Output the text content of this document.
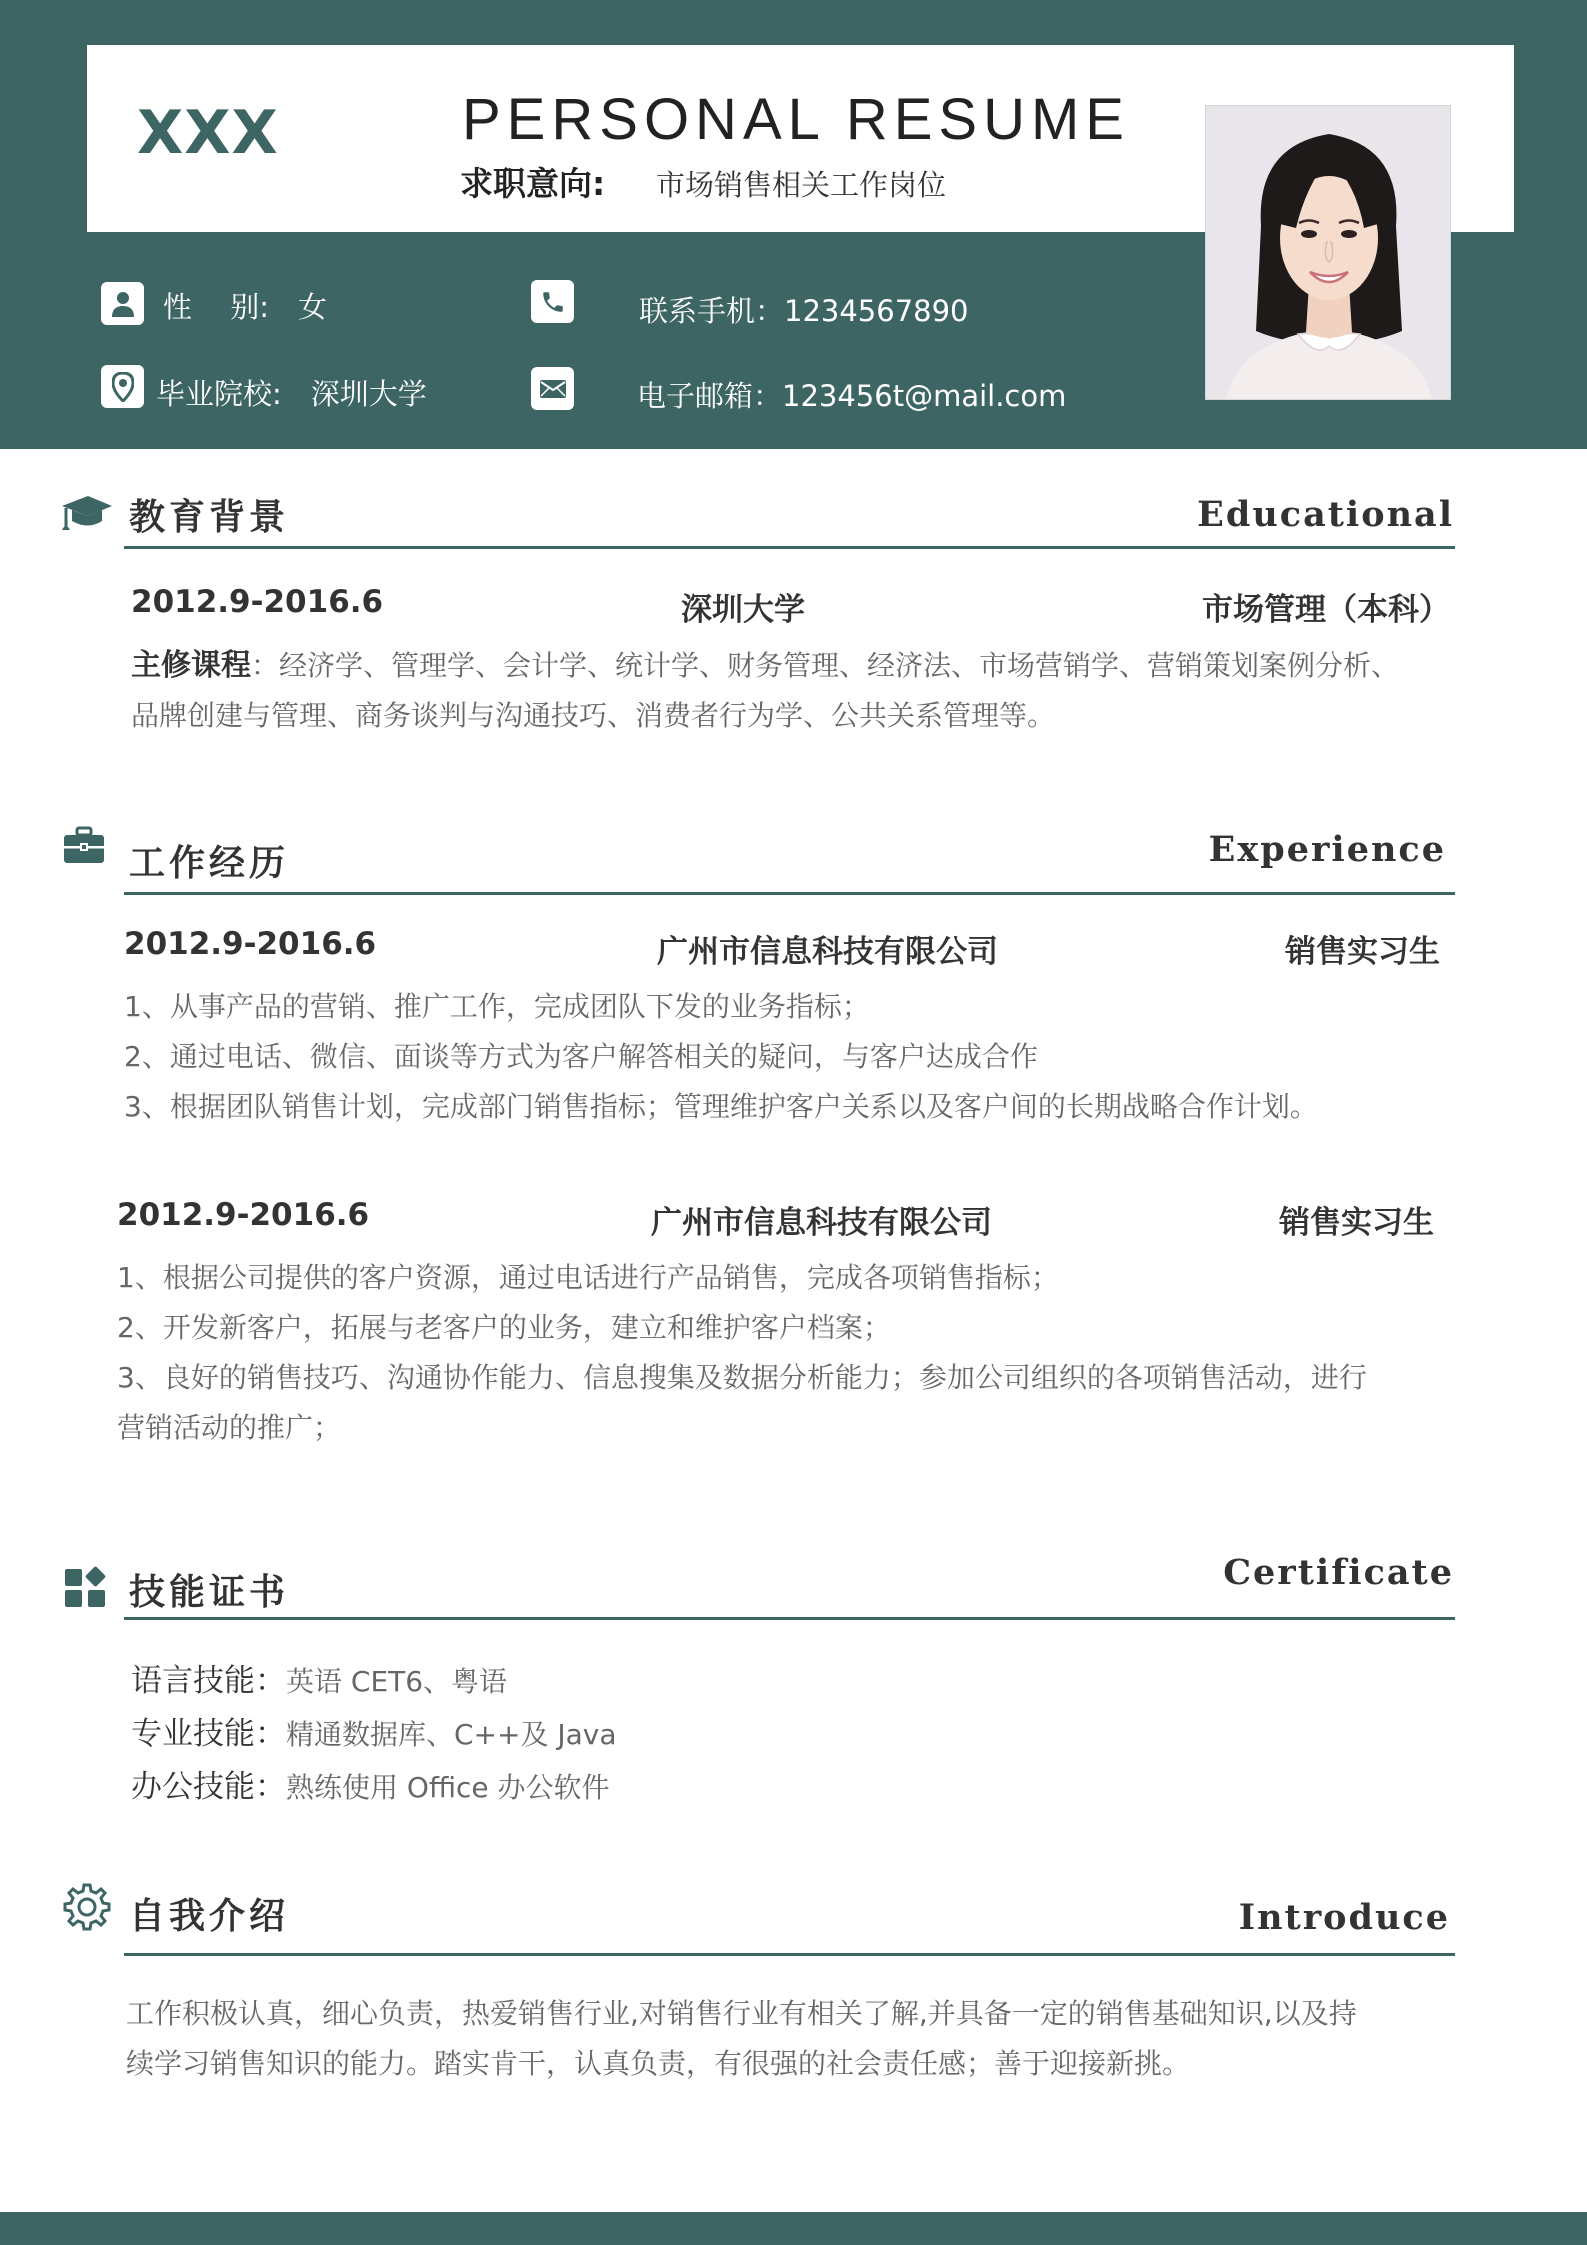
XXX	PERSONAL RESUME
求职意向: 市场销售相关工作岗位
性　 别:　女	联系手机：1234567890
毕业院校:　深圳大学	电子邮箱：123456t@mail.com
教育背景	Educational
2012.9-2016.6	深圳大学	市场管理（本科）
主修课程：经济学、管理学、会计学、统计学、财务管理、经济法、市场营销学、营销策划案例分析、
品牌创建与管理、商务谈判与沟通技巧、消费者行为学、公共关系管理等。
工作经历	Experience
2012.9-2016.6	广州市信息科技有限公司	销售实习生
1、从事产品的营销、推广工作，完成团队下发的业务指标；
2、通过电话、微信、面谈等方式为客户解答相关的疑问，与客户达成合作
3、根据团队销售计划，完成部门销售指标；管理维护客户关系以及客户间的长期战略合作计划。
2012.9-2016.6	广州市信息科技有限公司	销售实习生
1、根据公司提供的客户资源，通过电话进行产品销售，完成各项销售指标；
2、开发新客户，拓展与老客户的业务，建立和维护客户档案；
3、良好的销售技巧、沟通协作能力、信息搜集及数据分析能力；参加公司组织的各项销售活动，进行
营销活动的推广；
技能证书	Certificate
语言技能：英语 CET6、粤语
专业技能：精通数据库、C++及 Java
办公技能：熟练使用 Office 办公软件
自我介绍	Introduce
工作积极认真，细心负责，热爱销售行业,对销售行业有相关了解,并具备一定的销售基础知识,以及持
续学习销售知识的能力。踏实肯干，认真负责，有很强的社会责任感；善于迎接新挑。
